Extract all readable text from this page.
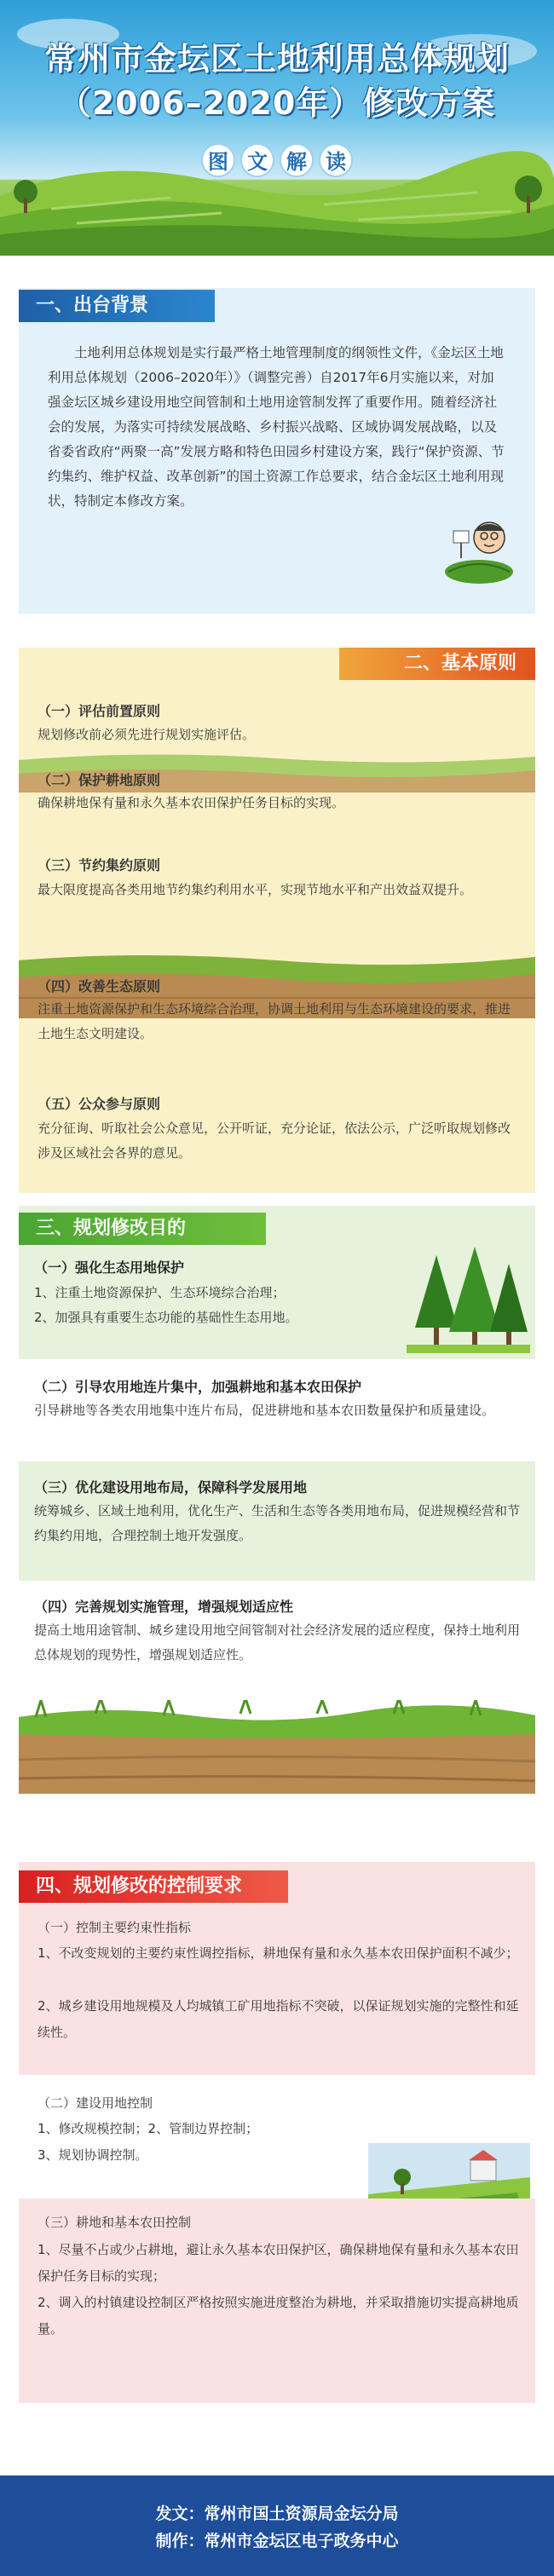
常州市金坛区土地利用总体规划
（2006–2020年）修改方案
图 文 解 读
一、出台背景
土地利用总体规划是实行最严格土地管理制度的纲领性文件，《金坛区土地利用总体规划（2006–2020年）》（调整完善）自2017年6月实施以来，对加强金坛区城乡建设用地空间管制和土地用途管制发挥了重要作用。随着经济社会的发展，为落实可持续发展战略、乡村振兴战略、区域协调发展战略，以及省委省政府“两聚一高”发展方略和特色田园乡村建设方案，践行“保护资源、节约集约、维护权益、改革创新”的国土资源工作总要求，结合金坛区土地利用现状，特制定本修改方案。
二、基本原则
（一）评估前置原则
规划修改前必须先进行规划实施评估。
（二）保护耕地原则
确保耕地保有量和永久基本农田保护任务目标的实现。
（三）节约集约原则
最大限度提高各类用地节约集约利用水平，实现节地水平和产出效益双提升。
（四）改善生态原则
注重土地资源保护和生态环境综合治理，协调土地利用与生态环境建设的要求，推进土地生态文明建设。
（五）公众参与原则
充分征询、听取社会公众意见，公开听证，充分论证，依法公示，广泛听取规划修改涉及区域社会各界的意见。
三、规划修改目的
（一）强化生态用地保护
1、注重土地资源保护、生态环境综合治理；
2、加强具有重要生态功能的基础性生态用地。
（二）引导农用地连片集中，加强耕地和基本农田保护
引导耕地等各类农用地集中连片布局，促进耕地和基本农田数量保护和质量建设。
（三）优化建设用地布局，保障科学发展用地
统筹城乡、区域土地利用，优化生产、生活和生态等各类用地布局，促进规模经营和节约集约用地，合理控制土地开发强度。
（四）完善规划实施管理，增强规划适应性
提高土地用途管制、城乡建设用地空间管制对社会经济发展的适应程度，保持土地利用总体规划的现势性，增强规划适应性。
四、规划修改的控制要求
（一）控制主要约束性指标
1、不改变规划的主要约束性调控指标，耕地保有量和永久基本农田保护面积不减少；
2、城乡建设用地规模及人均城镇工矿用地指标不突破，以保证规划实施的完整性和延续性。
（二）建设用地控制
1、修改规模控制；2、管制边界控制；
3、规划协调控制。
（三）耕地和基本农田控制
1、尽量不占或少占耕地，避让永久基本农田保护区，确保耕地保有量和永久基本农田保护任务目标的实现；
2、调入的村镇建设控制区严格按照实施进度整治为耕地，并采取措施切实提高耕地质量。
发文：常州市国土资源局金坛分局
制作：常州市金坛区电子政务中心
